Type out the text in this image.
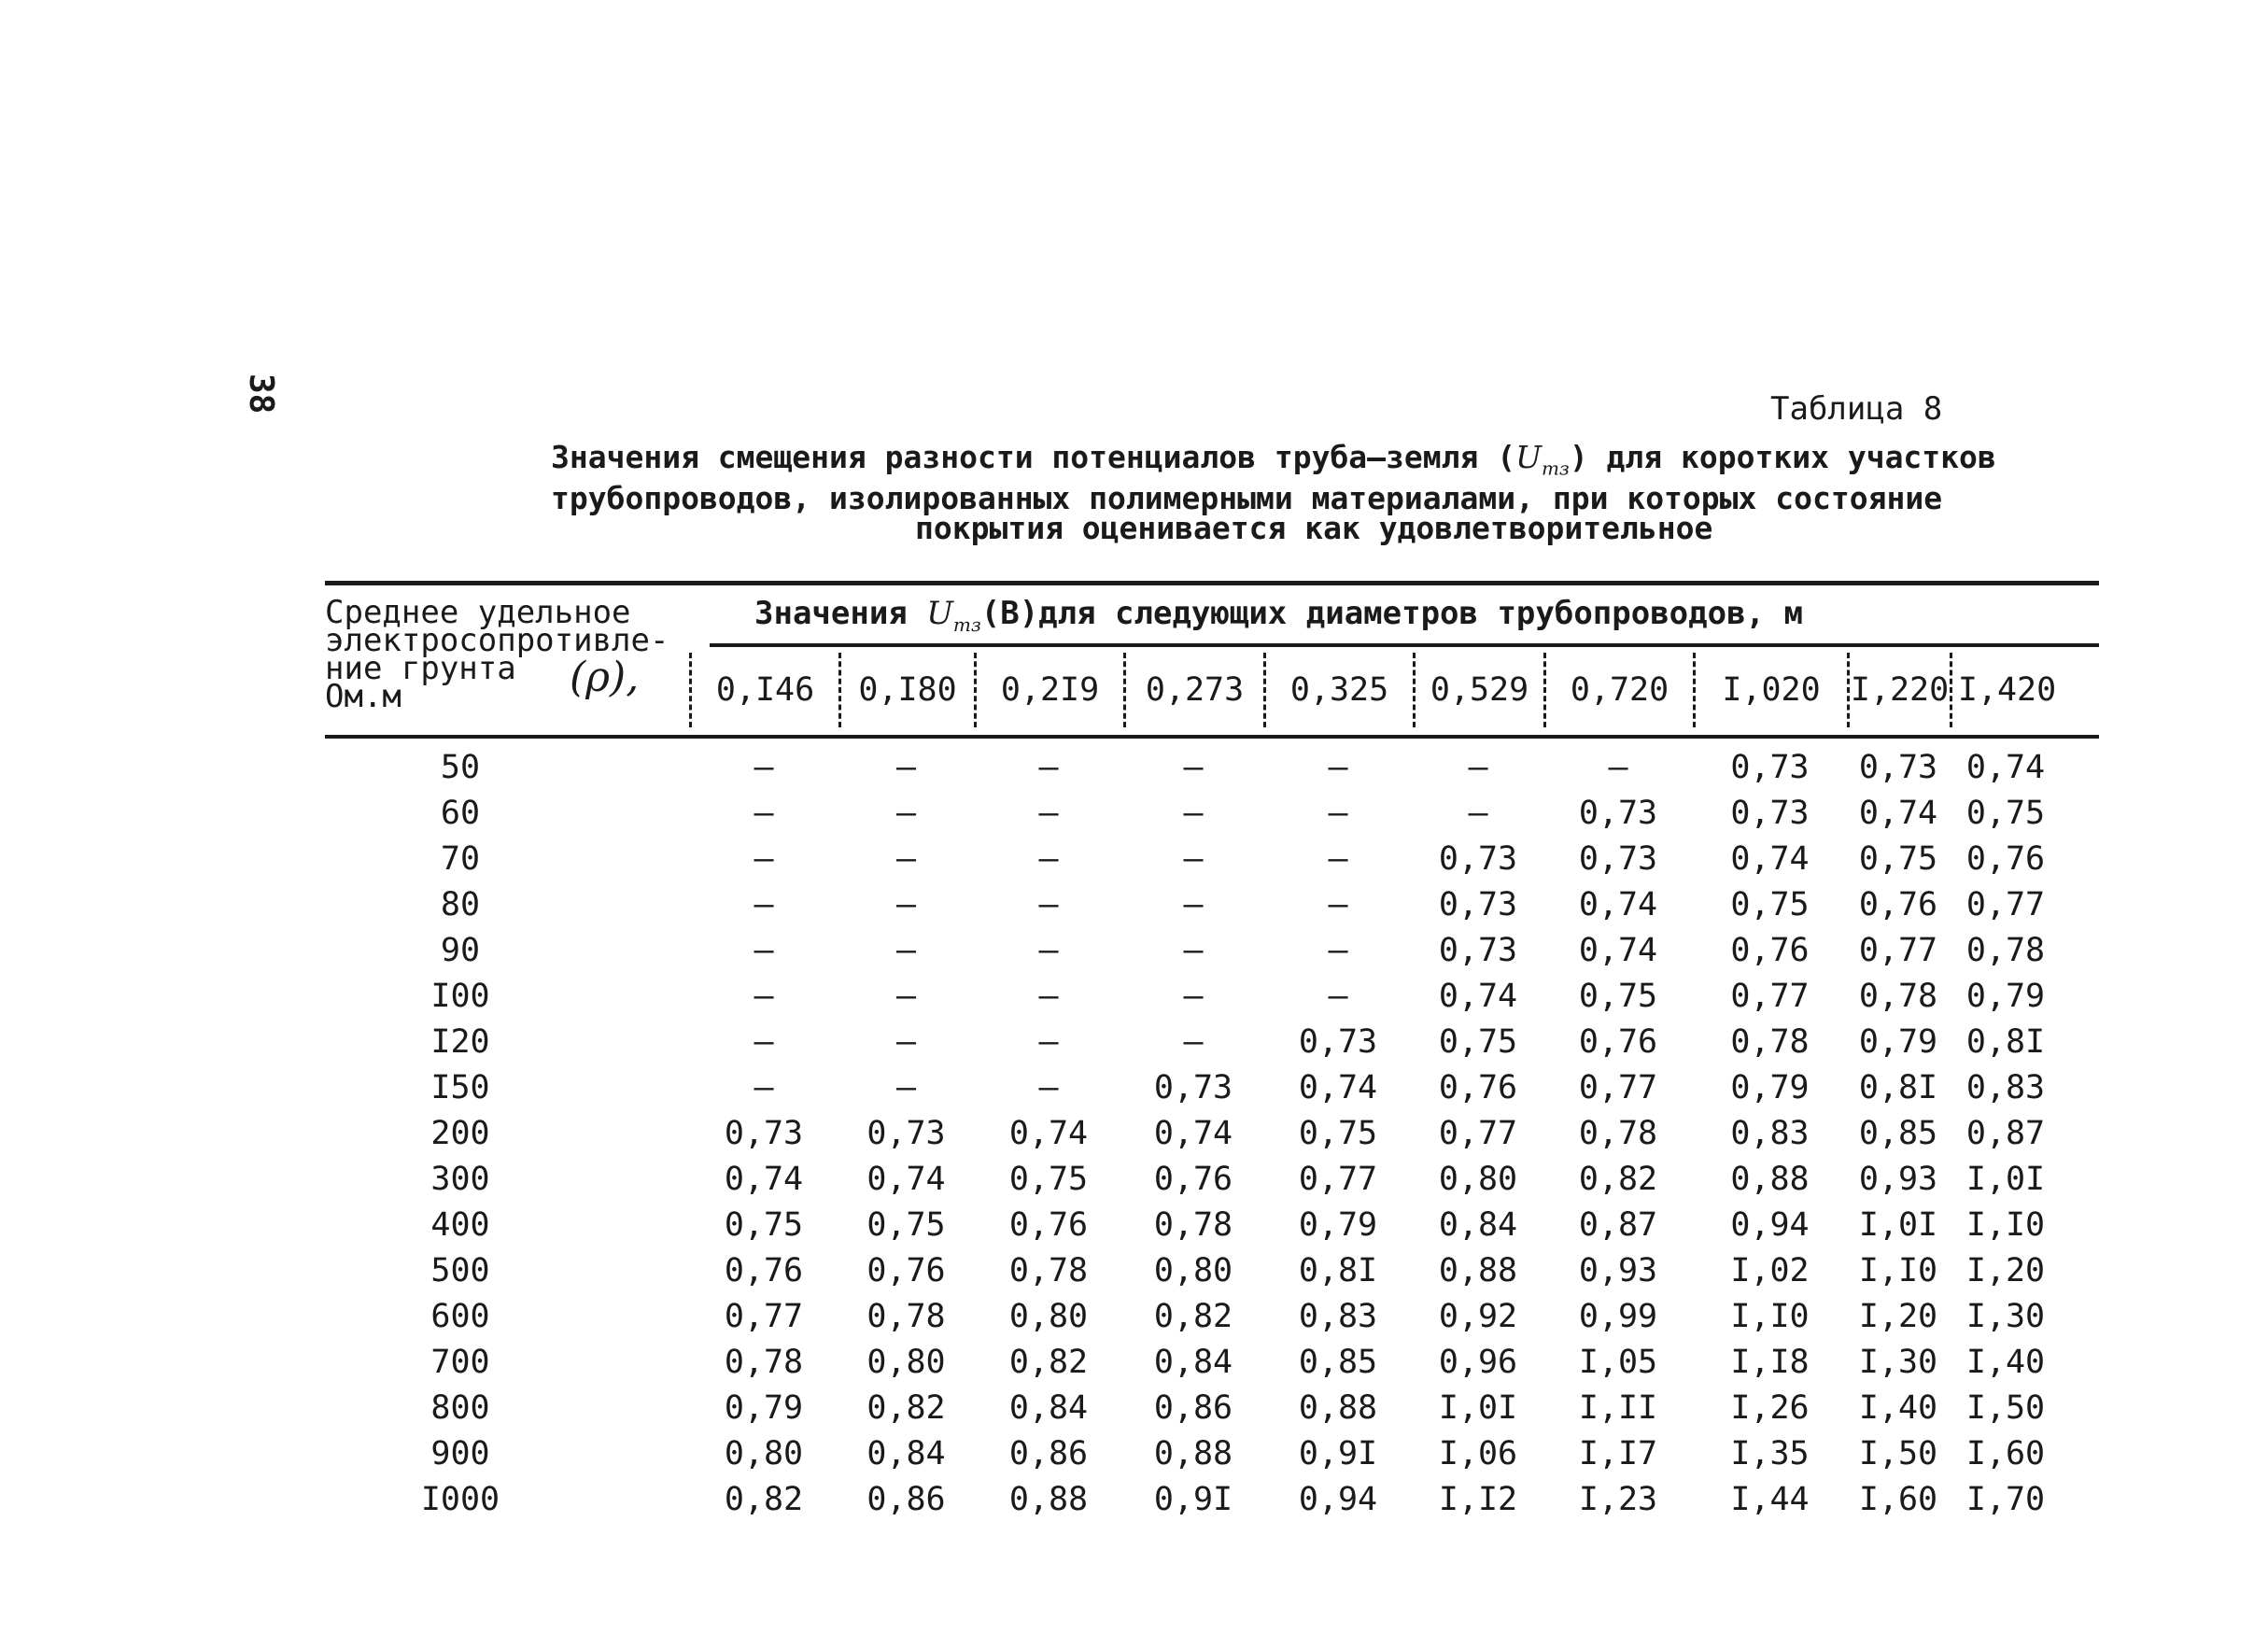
38	Таблица 8
Значения смещения разности потенциалов труба–земля $(U_{тз})$ для коротких участков
трубопроводов, изолированных полимерными материалами, при которых состояние
покрытия оценивается как удовлетворительное
Среднее удельное
электросопротивле-
ние грунта
Ом.м	(ρ),
Значения $U_{тз}(В)для$ следующих диаметров трубопроводов, м
0,I46	0,I80	0,2I9	0,273	0,325	0,529	0,720	I,020 I,220 I,420
50	–	–	–	–	–	–	–	0,73	0,73 0,74
60	–	–	–	–	–	–	0,73	0,73	0,74 0,75
70	–	–	–	–	–	0,73	0,73	0,74	0,75 0,76
80	–	–	–	–	–	0,73	0,74	0,75	0,76 0,77
90	–	–	–	–	–	0,73	0,74	0,76	0,77 0,78
I00	–	–	–	–	–	0,74	0,75	0,77	0,78 0,79
I20	–	–	–	–	0,73	0,75	0,76	0,78	0,79 0,8I
I50	–	–	–	0,73	0,74	0,76	0,77	0,79	0,8I 0,83
200	0,73	0,73	0,74	0,74	0,75	0,77	0,78	0,83	0,85 0,87
300	0,74	0,74	0,75	0,76	0,77	0,80	0,82	0,88	0,93 I,0I
400	0,75	0,75	0,76	0,78	0,79	0,84	0,87	0,94	I,0I I,I0
500	0,76	0,76	0,78	0,80	0,8I	0,88	0,93	I,02	I,I0 I,20
600	0,77	0,78	0,80	0,82	0,83	0,92	0,99	I,I0	I,20 I,30
700	0,78	0,80	0,82	0,84	0,85	0,96	I,05	I,I8	I,30 I,40
800	0,79	0,82	0,84	0,86	0,88	I,0I	I,II	I,26	I,40 I,50
900	0,80	0,84	0,86	0,88	0,9I	I,06	I,I7	I,35	I,50 I,60
I000	0,82	0,86	0,88	0,9I	0,94	I,I2	I,23	I,44	I,60 I,70
